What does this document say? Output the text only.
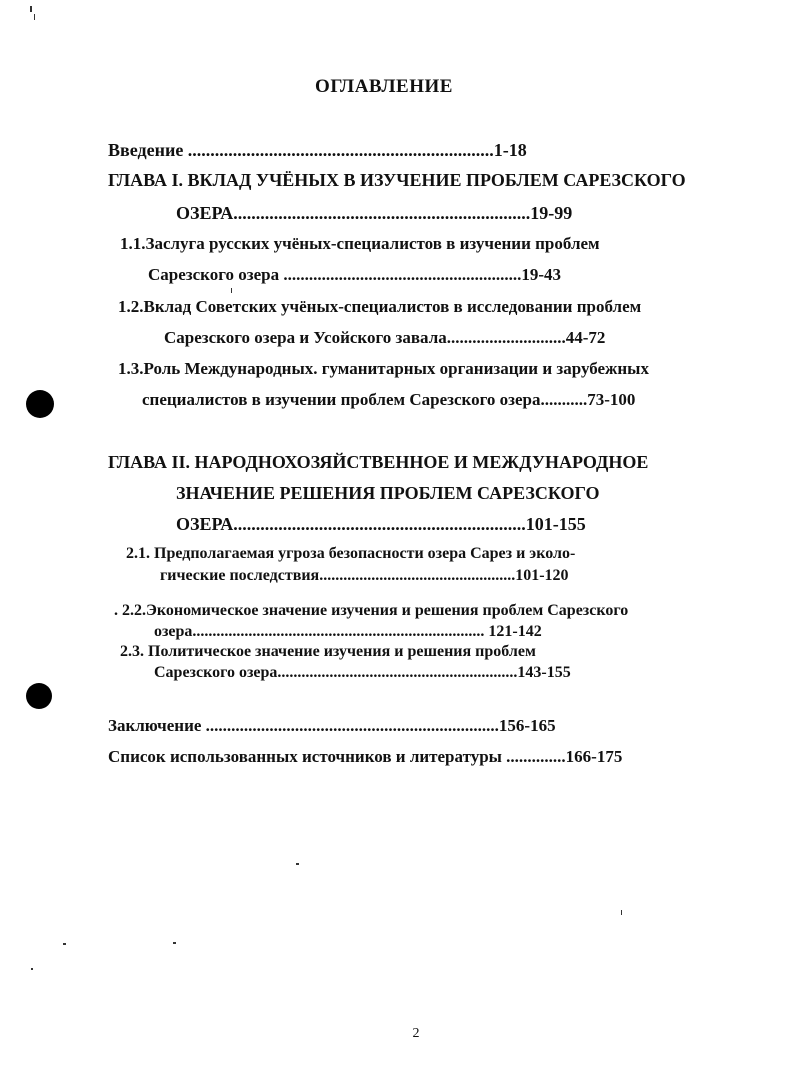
ОГЛАВЛЕНИЕ
Введение ....................................................................1-18
ГЛАВА I. ВКЛАД УЧЁНЫХ В ИЗУЧЕНИЕ ПРОБЛЕМ САРЕЗСКОГО
ОЗЕРА..................................................................19-99
1.1.Заслуга русских учёных-специалистов в изучении проблем
Сарезского озера ........................................................19-43
1.2.Вклад Советских учёных-специалистов в исследовании проблем
Сарезского озера и Усойского завала............................44-72
1.3.Роль Международных. гуманитарных организации и зарубежных
специалистов в изучении проблем Сарезского озера...........73-100
ГЛАВА II. НАРОДНОХОЗЯЙСТВЕННОЕ И МЕЖДУНАРОДНОЕ
ЗНАЧЕНИЕ РЕШЕНИЯ ПРОБЛЕМ САРЕЗСКОГО
ОЗЕРА.................................................................101-155
2.1. Предполагаемая угроза безопасности озера Сарез и эколо-
гические последствия.................................................101-120
. 2.2.Экономическое значение изучения и решения проблем Сарезского
озера......................................................................... 121-142
2.3. Политическое значение изучения и решения проблем
Сарезского озера............................................................143-155
Заключение .....................................................................156-165
Список использованных источников и литературы ..............166-175
2
